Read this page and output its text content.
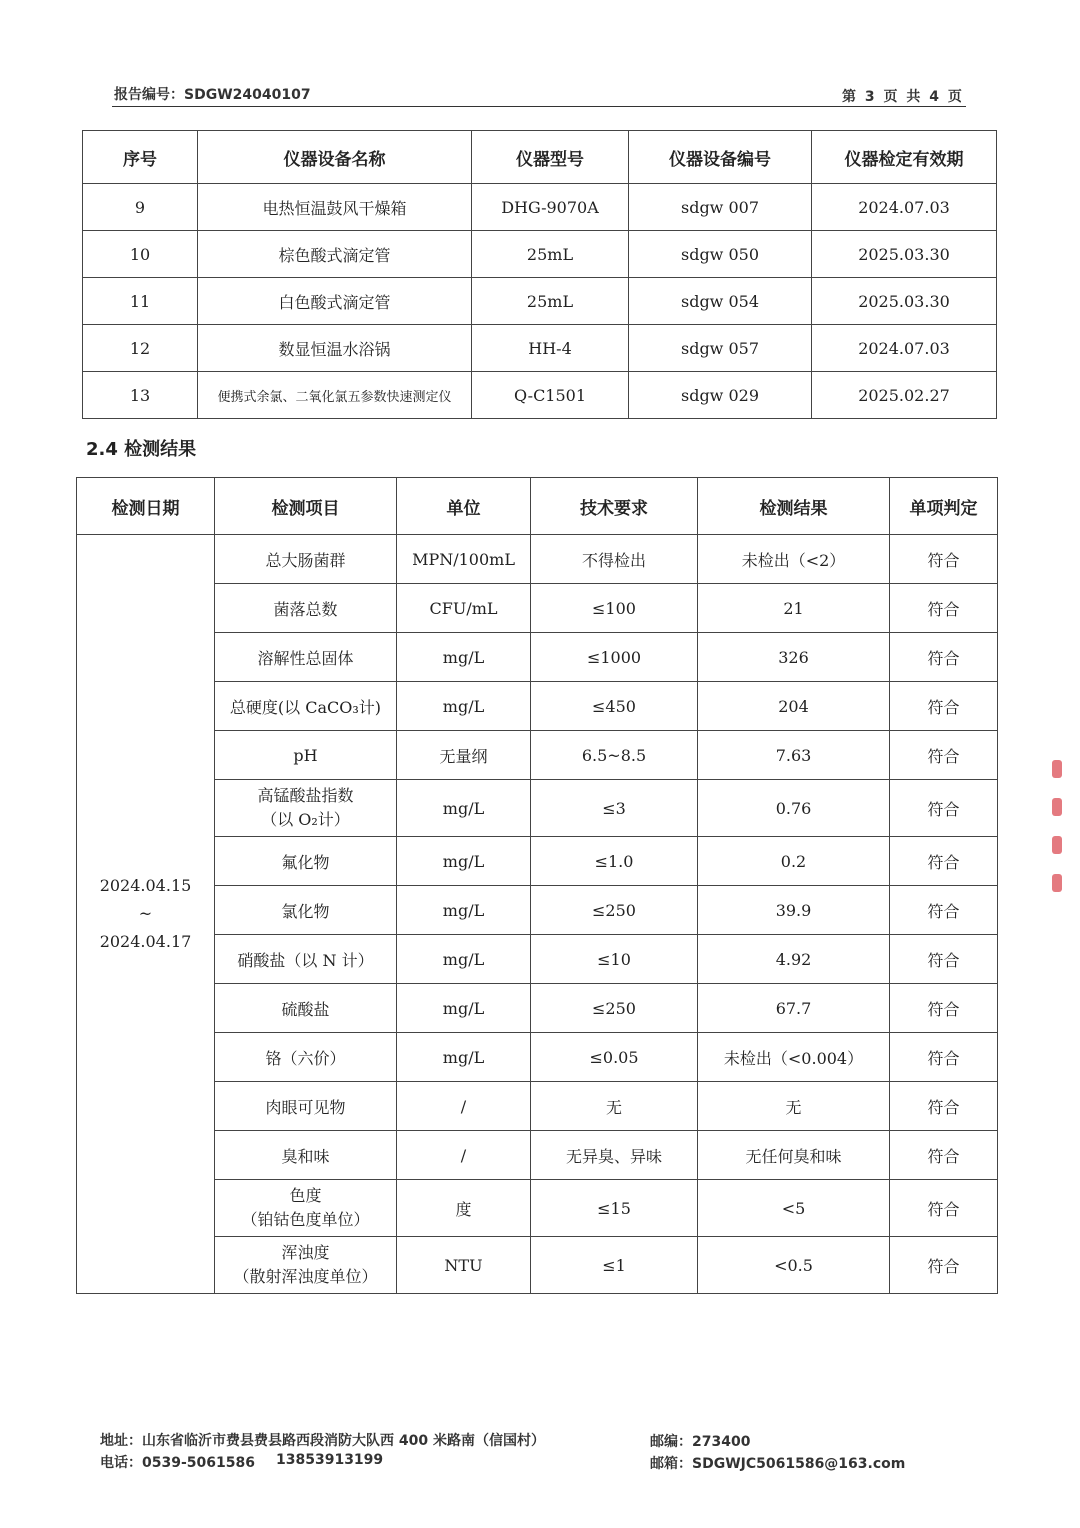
报告编号：SDGW24040107	第 3 页 共 4 页
序号	仪器设备名称	仪器型号	仪器设备编号	仪器检定有效期
9	电热恒温鼓风干燥箱	DHG-9070A	sdgw 007	2024.07.03
10	棕色酸式滴定管	25mL	sdgw 050	2025.03.30
11	白色酸式滴定管	25mL	sdgw 054	2025.03.30
12	数显恒温水浴锅	HH-4	sdgw 057	2024.07.03
13	便携式余氯、二氧化氯五参数快速测定仪	Q-C1501	sdgw 029	2025.02.27
2.4 检测结果
检测日期	检测项目	单位	技术要求	检测结果	单项判定

2024.04.15
~
2024.04.17	总大肠菌群	MPN/100mL	不得检出	未检出（<2）	符合
	菌落总数	CFU/mL	≤100	21	符合
	溶解性总固体	mg/L	≤1000	326	符合
	总硬度(以 CaCO₃计)	mg/L	≤450	204	符合
	pH	无量纲	6.5~8.5	7.63	符合

	高锰酸盐指数
（以 O₂计）	mg/L	≤3	0.76	符合
	氟化物	mg/L	≤1.0	0.2	符合
	氯化物	mg/L	≤250	39.9	符合
	硝酸盐（以 N 计）	mg/L	≤10	4.92	符合
	硫酸盐	mg/L	≤250	67.7	符合
	铬（六价）	mg/L	≤0.05	未检出（<0.004）	符合
	肉眼可见物	/	无	无	符合
	臭和味	/	无异臭、异味	无任何臭和味	符合

	色度
（铂钴色度单位）	度	≤15	<5	符合

	浑浊度
（散射浑浊度单位）	NTU	≤1	<0.5	符合
地址：山东省临沂市费县费县路西段消防大队西 400 米路南（信国村）	邮编：273400
电话：0539-5061586 13853913199	邮箱：SDGWJC5061586@163.com
